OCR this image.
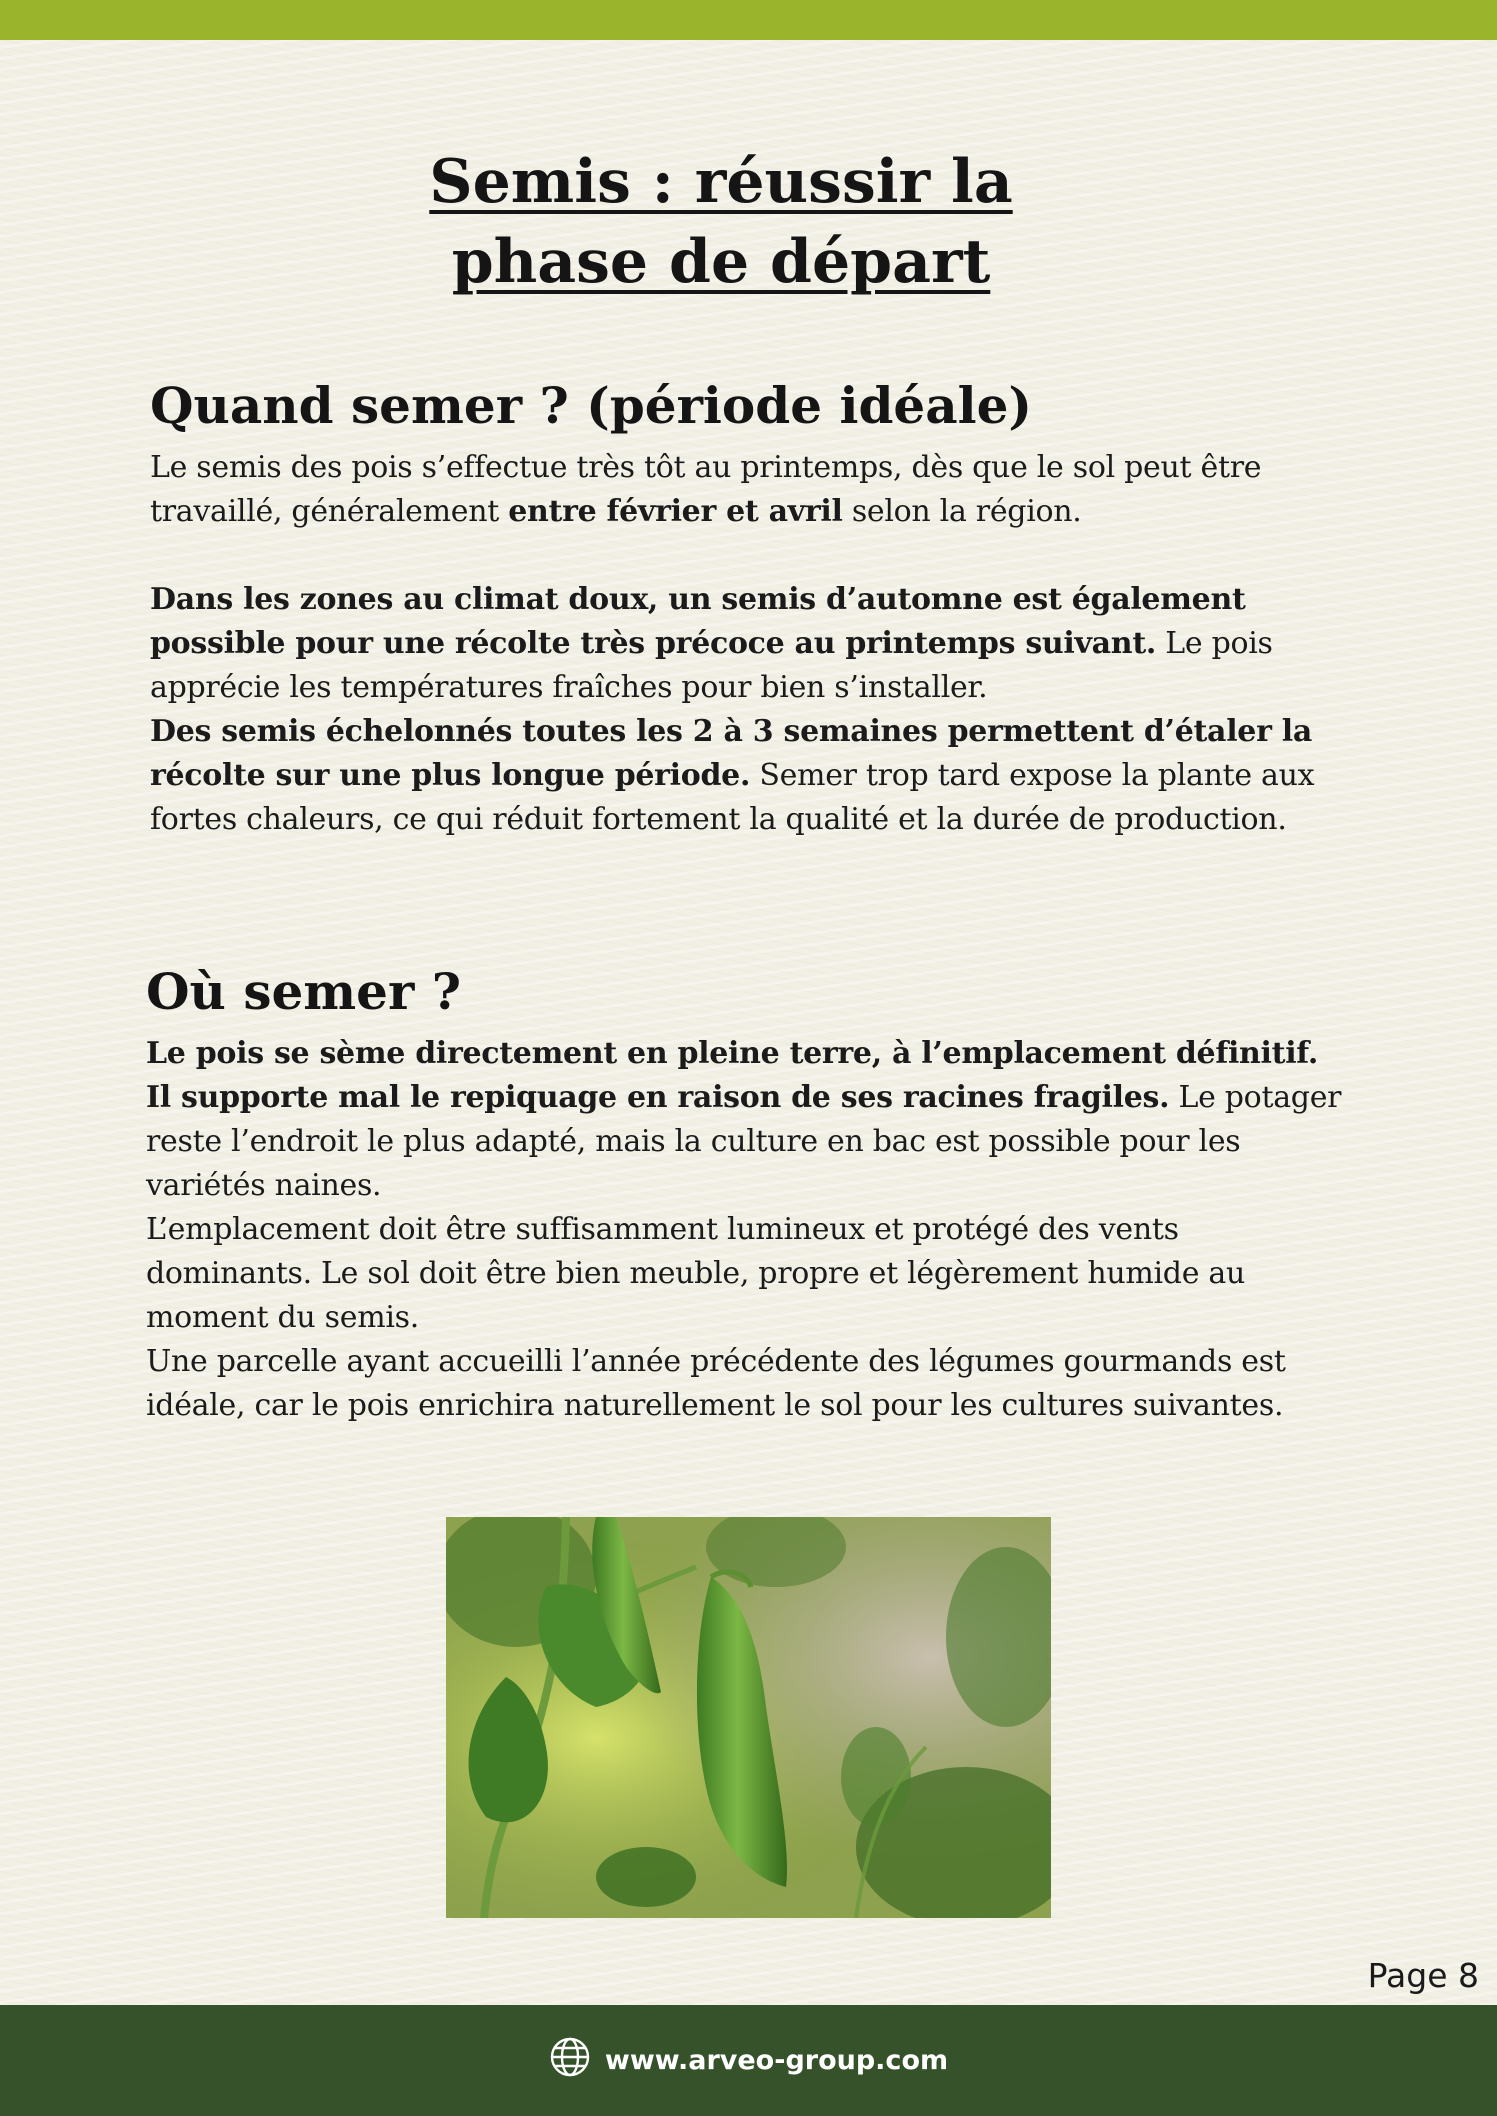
Semis : réussir la
phase de départ
Quand semer ? (période idéale)

Le semis des pois s’effectue très tôt au printemps, dès que le sol peut être travaillé, généralement entre février et avril selon la région.

Dans les zones au climat doux, un semis d’automne est également possible pour une récolte très précoce au printemps suivant. Le pois apprécie les températures fraîches pour bien s’installer.

Des semis échelonnés toutes les 2 à 3 semaines permettent d’étaler la récolte sur une plus longue période. Semer trop tard expose la plante aux fortes chaleurs, ce qui réduit fortement la qualité et la durée de production.

Où semer ?

Le pois se sème directement en pleine terre, à l’emplacement définitif. Il supporte mal le repiquage en raison de ses racines fragiles. Le potager reste l’endroit le plus adapté, mais la culture en bac est possible pour les variétés naines.

L’emplacement doit être suffisamment lumineux et protégé des vents dominants. Le sol doit être bien meuble, propre et légèrement humide au moment du semis.

Une parcelle ayant accueilli l’année précédente des légumes gourmands est idéale, car le pois enrichira naturellement le sol pour les cultures suivantes.

Page 8
www.arveo-group.com
